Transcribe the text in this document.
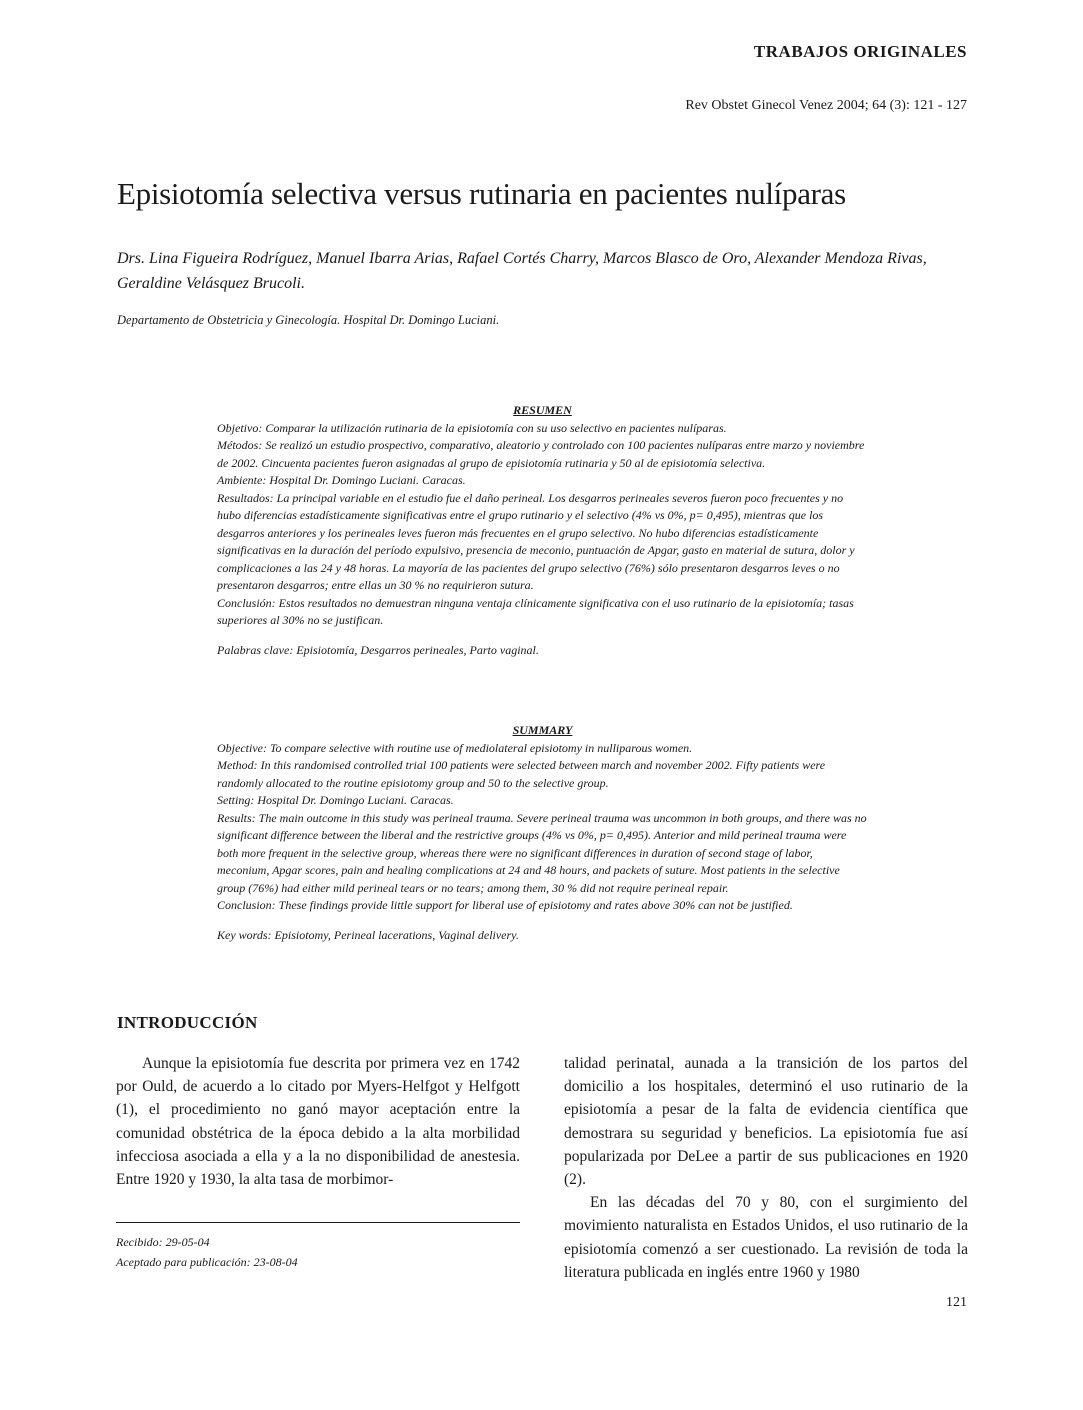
TRABAJOS ORIGINALES
Rev Obstet Ginecol Venez 2004; 64 (3): 121 - 127
Episiotomía selectiva versus rutinaria en pacientes nulíparas
Drs. Lina Figueira Rodríguez, Manuel Ibarra Arias, Rafael Cortés Charry, Marcos Blasco de Oro, Alexander Mendoza Rivas, Geraldine Velásquez Brucoli.
Departamento de Obstetricia y Ginecología. Hospital Dr. Domingo Luciani.

RESUMEN

Objetivo: Comparar la utilización rutinaria de la episiotomía con su uso selectivo en pacientes nulíparas.

Métodos: Se realizó un estudio prospectivo, comparativo, aleatorio y controlado con 100 pacientes nulíparas entre marzo y noviembre de 2002. Cincuenta pacientes fueron asignadas al grupo de episiotomía rutinaria y 50 al de episiotomía selectiva.

Ambiente: Hospital Dr. Domingo Luciani. Caracas.

Resultados: La principal variable en el estudio fue el daño perineal. Los desgarros perineales severos fueron poco frecuentes y no hubo diferencias estadísticamente significativas entre el grupo rutinario y el selectivo (4% vs 0%, p= 0,495), mientras que los desgarros anteriores y los perineales leves fueron más frecuentes en el grupo selectivo. No hubo diferencias estadísticamente significativas en la duración del período expulsivo, presencia de meconio, puntuación de Apgar, gasto en material de sutura, dolor y complicaciones a las 24 y 48 horas. La mayoría de las pacientes del grupo selectivo (76%) sólo presentaron desgarros leves o no presentaron desgarros; entre ellas un 30 % no requirieron sutura.

Conclusión: Estos resultados no demuestran ninguna ventaja clínicamente significativa con el uso rutinario de la episiotomía; tasas superiores al 30% no se justifican.

Palabras clave: Episiotomía, Desgarros perineales, Parto vaginal.

SUMMARY

Objective: To compare selective with routine use of mediolateral episiotomy in nulliparous women.

Method: In this randomised controlled trial 100 patients were selected between march and november 2002. Fifty patients were randomly allocated to the routine episiotomy group and 50 to the selective group.

Setting: Hospital Dr. Domingo Luciani. Caracas.

Results: The main outcome in this study was perineal trauma. Severe perineal trauma was uncommon in both groups, and there was no significant difference between the liberal and the restrictive groups (4% vs 0%, p= 0,495). Anterior and mild perineal trauma were both more frequent in the selective group, whereas there were no significant differences in duration of second stage of labor, meconium, Apgar scores, pain and healing complications at 24 and 48 hours, and packets of suture. Most patients in the selective group (76%) had either mild perineal tears or no tears; among them, 30 % did not require perineal repair.

Conclusion: These findings provide little support for liberal use of episiotomy and rates above 30% can not be justified.

Key words: Episiotomy, Perineal lacerations, Vaginal delivery.

INTRODUCCIÓN

Aunque la episiotomía fue descrita por primera vez en 1742 por Ould, de acuerdo a lo citado por Myers-Helfgot y Helfgott (1), el procedimiento no ganó mayor aceptación entre la comunidad obstétrica de la época debido a la alta morbilidad infecciosa asociada a ella y a la no disponibilidad de anestesia. Entre 1920 y 1930, la alta tasa de morbimor-

talidad perinatal, aunada a la transición de los partos del domicilio a los hospitales, determinó el uso rutinario de la episiotomía a pesar de la falta de evidencia científica que demostrara su seguridad y beneficios. La episiotomía fue así popularizada por DeLee a partir de sus publicaciones en 1920 (2).

En las décadas del 70 y 80, con el surgimiento del movimiento naturalista en Estados Unidos, el uso rutinario de la episiotomía comenzó a ser cuestionado. La revisión de toda la literatura publicada en inglés entre 1960 y 1980

Recibido: 29-05-04
Aceptado para publicación: 23-08-04
121
